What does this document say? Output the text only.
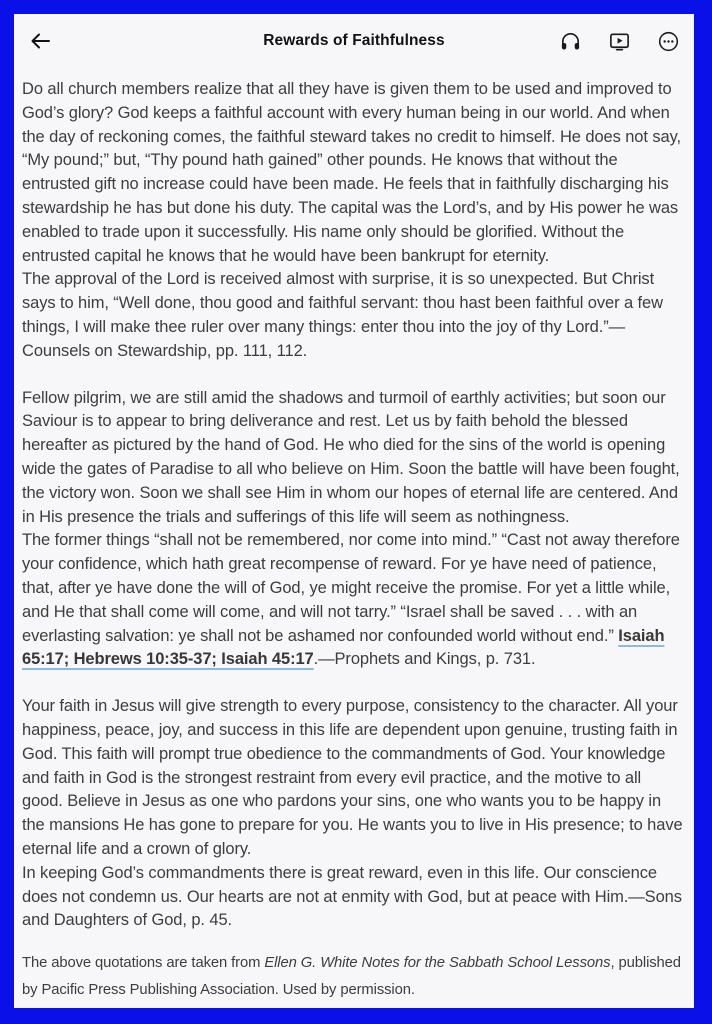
Rewards of Faithfulness

Do all church members realize that all they have is given them to be used and improved to God’s glory? God keeps a faithful account with every human being in our world. And when the day of reckoning comes, the faithful steward takes no credit to himself. He does not say, “My pound;” but, “Thy pound hath gained” other pounds. He knows that without the entrusted gift no increase could have been made. He feels that in faithfully discharging his stewardship he has but done his duty. The capital was the Lord’s, and by His power he was enabled to trade upon it successfully. His name only should be glorified. Without the entrusted capital he knows that he would have been bankrupt for eternity.

The approval of the Lord is received almost with surprise, it is so unexpected. But Christ says to him, “Well done, thou good and faithful servant: thou hast been faithful over a few things, I will make thee ruler over many things: enter thou into the joy of thy Lord.”—Counsels on Stewardship, pp. 111, 112.

Fellow pilgrim, we are still amid the shadows and turmoil of earthly activities; but soon our Saviour is to appear to bring deliverance and rest. Let us by faith behold the blessed hereafter as pictured by the hand of God. He who died for the sins of the world is opening wide the gates of Paradise to all who believe on Him. Soon the battle will have been fought, the victory won. Soon we shall see Him in whom our hopes of eternal life are centered. And in His presence the trials and sufferings of this life will seem as nothingness.

The former things “shall not be remembered, nor come into mind.” “Cast not away therefore your confidence, which hath great recompense of reward. For ye have need of patience, that, after ye have done the will of God, ye might receive the promise. For yet a little while, and He that shall come will come, and will not tarry.” “Israel shall be saved . . . with an everlasting salvation: ye shall not be ashamed nor confounded world without end.” Isaiah 65:17; Hebrews 10:35-37; Isaiah 45:17.—Prophets and Kings, p. 731.

Your faith in Jesus will give strength to every purpose, consistency to the character. All your happiness, peace, joy, and success in this life are dependent upon genuine, trusting faith in God. This faith will prompt true obedience to the commandments of God. Your knowledge and faith in God is the strongest restraint from every evil practice, and the motive to all good. Believe in Jesus as one who pardons your sins, one who wants you to be happy in the mansions He has gone to prepare for you. He wants you to live in His presence; to have eternal life and a crown of glory.

In keeping God’s commandments there is great reward, even in this life. Our conscience does not condemn us. Our hearts are not at enmity with God, but at peace with Him.—Sons and Daughters of God, p. 45.

The above quotations are taken from Ellen G. White Notes for the Sabbath School Lessons, published by Pacific Press Publishing Association. Used by permission.
